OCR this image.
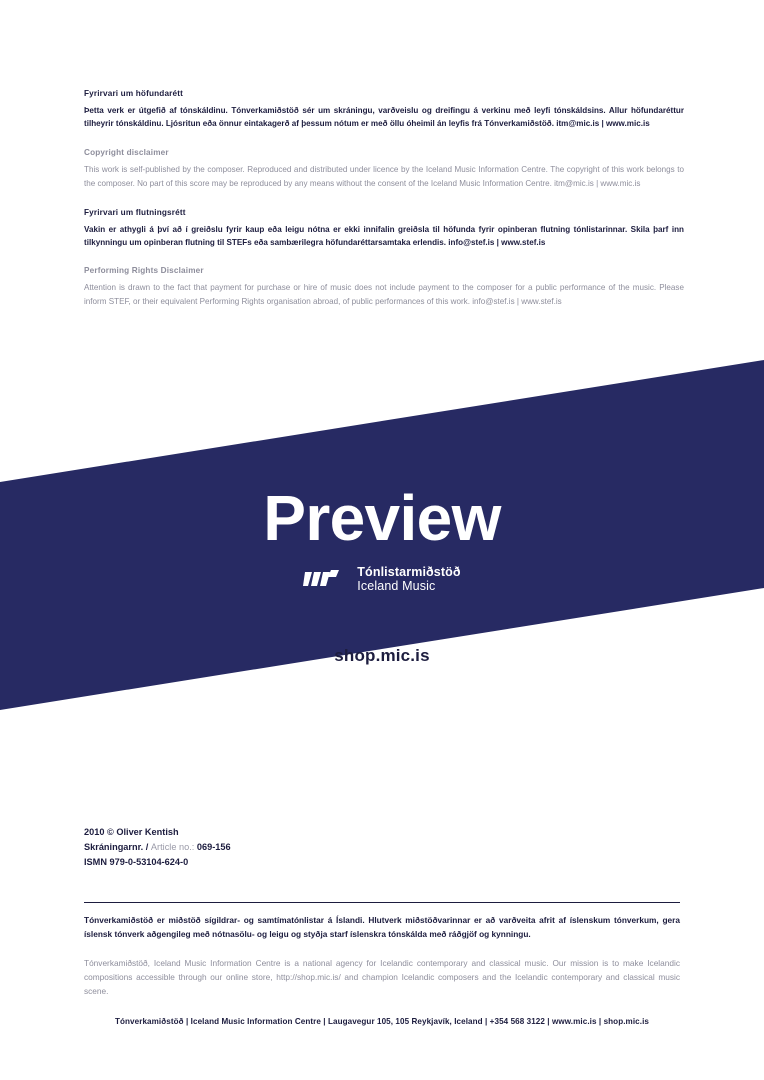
Fyrirvari um höfundarétt

Þetta verk er útgefið af tónskáldinu. Tónverkamiðstöð sér um skráningu, varðveislu og dreifingu á verkinu með leyfi tónskáldsins. Allur höfundaréttur tilheyrir tónskáldinu. Ljósritun eða önnur eintakagerð af þessum nótum er með öllu óheimil án leyfis frá Tónverkamiðstöð. itm@mic.is | www.mic.is

Copyright disclaimer

This work is self-published by the composer. Reproduced and distributed under licence by the Iceland Music Information Centre. The copyright of this work belongs to the composer. No part of this score may be reproduced by any means without the consent of the Iceland Music Information Centre. itm@mic.is | www.mic.is

Fyrirvari um flutningsrétt

Vakin er athygli á því að í greiðslu fyrir kaup eða leigu nótna er ekki innifalin greiðsla til höfunda fyrir opinberan flutning tónlistarinnar. Skila þarf inn tilkynningu um opinberan flutning til STEFs eða sambærilegra höfundaréttarsamtaka erlendis. info@stef.is | www.stef.is

Performing Rights Disclaimer

Attention is drawn to the fact that payment for purchase or hire of music does not include payment to the composer for a public performance of the music. Please inform STEF, or their equivalent Performing Rights organisation abroad, of public performances of this work. info@stef.is | www.stef.is

Preview
Tónlistarmiðstöð
Iceland Music
shop.mic.is
2010 © Oliver Kentish
Skráningarnr. / Article no.: 069-156
ISMN 979-0-53104-624-0

Tónverkamiðstöð er miðstöð sígildrar- og samtímatónlistar á Íslandi. Hlutverk miðstöðvarinnar er að varðveita afrit af íslenskum tónverkum, gera íslensk tónverk aðgengileg með nótnasölu- og leigu og styðja starf íslenskra tónskálda með ráðgjöf og kynningu.

Tónverkamiðstöð, Iceland Music Information Centre is a national agency for Icelandic contemporary and classical music. Our mission is to make Icelandic compositions accessible through our online store, http://shop.mic.is/ and champion Icelandic composers and the Icelandic contemporary and classical music scene.

Tónverkamiðstöð | Iceland Music Information Centre | Laugavegur 105, 105 Reykjavík, Iceland | +354 568 3122 | www.mic.is | shop.mic.is
